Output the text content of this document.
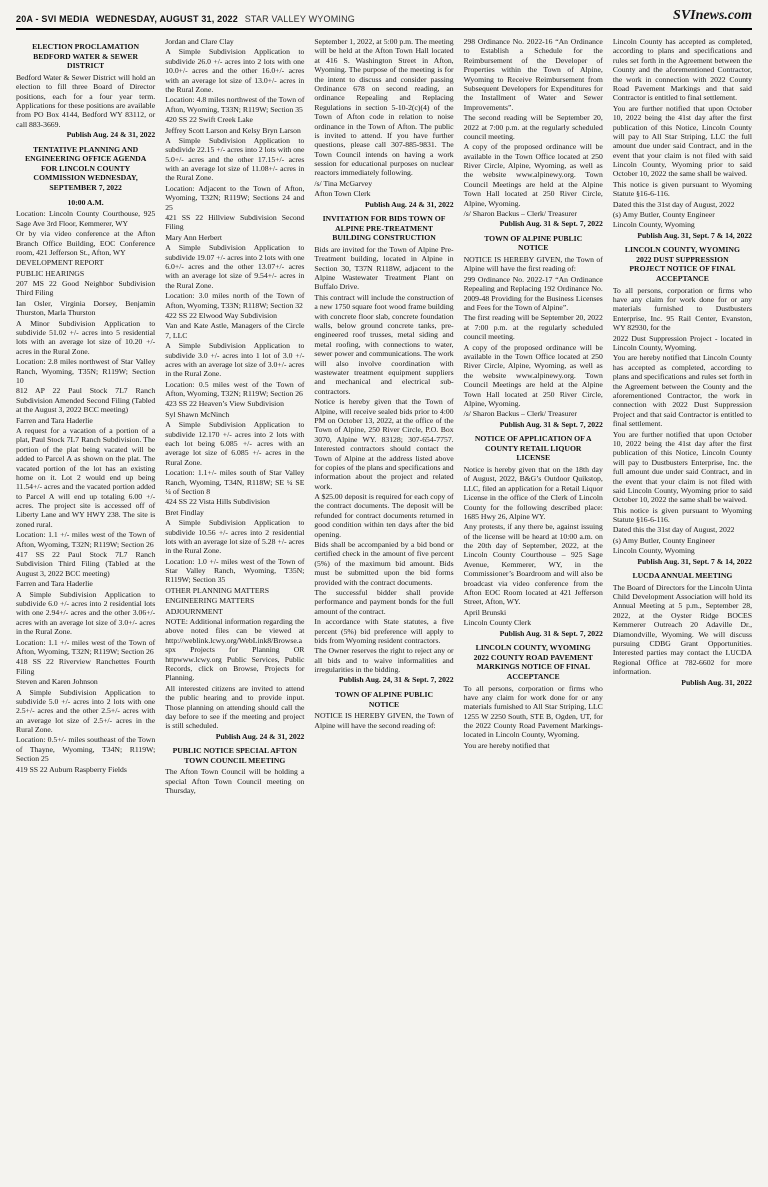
20A - SVI MEDIA WEDNESDAY, AUGUST 31, 2022 STAR VALLEY WYOMING	SVInews.com
ELECTION PROCLAMATION BEDFORD WATER & SEWER DISTRICT
Bedford Water & Sewer District will hold an election to fill three Board of Director positions, each for a four year term. Applications for these positions are available from PO Box 4144, Bedford WY 83112, or call 883-3669.
Publish Aug. 24 & 31, 2022
TENTATIVE PLANNING AND ENGINEERING OFFICE AGENDA FOR LINCOLN COUNTY COMMISSION WEDNESDAY, SEPTEMBER 7, 2022
10:00 A.M.
Location: Lincoln County Courthouse, 925 Sage Ave 3rd Floor, Kemmerer, WY
Or by via video conference at the Afton Branch Office Building, EOC Conference room, 421 Jefferson St., Afton, WY
DEVELOPMENT REPORT
PUBLIC HEARINGS
207 MS 22 Good Neighbor Subdivision Third Filing
Ian Osler, Virginia Dorsey, Benjamin Thurston, Marla Thurston
A Minor Subdivision Application to subdivide 51.02 +/- acres into 5 residential lots with an average lot size of 10.20 +/- acres in the Rural Zone.
Location: 2.8 miles northwest of Star Valley Ranch, Wyoming, T35N; R119W; Section 10
812 AP 22 Paul Stock 7L7 Ranch Subdivision Amended Second Filing (Tabled at the August 3, 2022 BCC meeting)
Farren and Tara Haderlie
A request for a vacation of a portion of a plat, Paul Stock 7L7 Ranch Subdivision. The portion of the plat being vacated will be added to Parcel A as shown on the plat. The vacated portion of the lot has an existing home on it. Lot 2 would end up being 11.54+/- acres and the vacated portion added to Parcel A will end up totaling 6.00 +/- acres. The project site is accessed off of Liberty Lane and WY HWY 238. The site is zoned rural.
Location: 1.1 +/- miles west of the Town of Afton, Wyoming, T32N; R119W; Section 26
417 SS 22 Paul Stock 7L7 Ranch Subdivision Third Filing (Tabled at the August 3, 2022 BCC meeting)
Farren and Tara Haderlie
A Simple Subdivision Application to subdivide 6.0 +/- acres into 2 residential lots with one 2.94+/- acres and the other 3.06+/- acres with an average lot size of 3.0+/- acres in the Rural Zone.
Location: 1.1 +/- miles west of the Town of Afton, Wyoming, T32N; R119W; Section 26
418 SS 22 Riverview Ranchettes Fourth Filing
Steven and Karen Johnson
A Simple Subdivision Application to subdivide 5.0 +/- acres into 2 lots with one 2.5+/- acres and the other 2.5+/- acres with an average lot size of 2.5+/- acres in the Rural Zone.
Location: 0.5+/- miles southeast of the Town of Thayne, Wyoming, T34N; R119W; Section 25
419 SS 22 Auburn Raspberry Fields
Jordan and Clare Clay
A Simple Subdivision Application to subdivide 26.0 +/- acres into 2 lots with one 10.0+/- acres and the other 16.0+/- acres with an average lot size of 13.0+/- acres in the Rural Zone.
Location: 4.8 miles northwest of the Town of Afton, Wyoming, T33N; R119W; Section 35
420 SS 22 Swift Creek Lake
Jeffrey Scott Larson and Kelsy Bryn Larson
A Simple Subdivision Application to subdivide 22.15 +/- acres into 2 lots with one 5.0+/- acres and the other 17.15+/- acres with an average lot size of 11.08+/- acres in the Rural Zone.
Location: Adjacent to the Town of Afton, Wyoming, T32N; R119W; Sections 24 and 25
421 SS 22 Hillview Subdivision Second Filing
Mary Ann Herbert
A Simple Subdivision Application to subdivide 19.07 +/- acres into 2 lots with one 6.0+/- acres and the other 13.07+/- acres with an average lot size of 9.54+/- acres in the Rural Zone.
Location: 3.0 miles north of the Town of Afton, Wyoming, T33N; R118W; Section 32
422 SS 22 Elwood Way Subdivision
Van and Kate Astle, Managers of the Circle 7, LLC
A Simple Subdivision Application to subdivide 3.0 +/- acres into 1 lot of 3.0 +/- acres with an average lot size of 3.0+/- acres in the Rural Zone.
Location: 0.5 miles west of the Town of Afton, Wyoming, T32N; R119W; Section 26
423 SS 22 Heaven’s View Subdivision
Syl Shawn McNinch
A Simple Subdivision Application to subdivide 12.170 +/- acres into 2 lots with each lot being 6.085 +/- acres with an average lot size of 6.085 +/- acres in the Rural Zone.
Location: 1.1+/- miles south of Star Valley Ranch, Wyoming, T34N, R118W; SE ¼ SE ¼ of Section 8
424 SS 22 Vista Hills Subdivision
Bret Findlay
A Simple Subdivision Application to subdivide 10.56 +/- acres into 2 residential lots with an average lot size of 5.28 +/- acres in the Rural Zone.
Location: 1.0 +/- miles west of the Town of Star Valley Ranch, Wyoming, T35N; R119W; Section 35
OTHER PLANNING MATTERS
ENGINEERING MATTERS
ADJOURNMENT
NOTE: Additional information regarding the above noted files can be viewed at http://weblink.lcwy.org/WebLink8/Browse.aspx Projects for Planning OR httpwww.lcwy.org Public Services, Public Records, click on Browse, Projects for Planning.
All interested citizens are invited to attend the public hearing and to provide input. Those planning on attending should call the day before to see if the meeting and project is still scheduled.
Publish Aug. 24 & 31, 2022
PUBLIC NOTICE SPECIAL AFTON TOWN COUNCIL MEETING
The Afton Town Council will be holding a special Afton Town Council meeting on Thursday,
September 1, 2022, at 5:00 p.m. The meeting will be held at the Afton Town Hall located at 416 S. Washington Street in Afton, Wyoming. The purpose of the meeting is for the intent to discuss and consider passing Ordinance 678 on second reading, an ordinance Repealing and Replacing Regulations in section 5-10-2(c)(4) of the Town of Afton code in relation to noise ordinance in the Town of Afton. The public is invited to attend. If you have further questions, please call 307-885-9831. The Town Council intends on having a work session for educational purposes on nuclear reactors immediately following.
/s/ Tina McGarvey
Afton Town Clerk
Publish Aug. 24 & 31, 2022
INVITATION FOR BIDS TOWN OF ALPINE PRE-TREATMENT BUILDING CONSTRUCTION
Bids are invited for the Town of Alpine Pre-Treatment building, located in Alpine in Section 30, T37N R118W, adjacent to the Alpine Wastewater Treatment Plant on Buffalo Drive.
This contract will include the construction of a new 1750 square foot wood frame building with concrete floor slab, concrete foundation walls, below ground concrete tanks, pre-engineered roof trusses, metal siding and metal roofing, with connections to water, sewer power and communications. The work will also involve coordination with wastewater treatment equipment suppliers and mechanical and electrical sub-contractors.
Notice is hereby given that the Town of Alpine, will receive sealed bids prior to 4:00 PM on October 13, 2022, at the office of the Town of Alpine, 250 River Circle, P.O. Box 3070, Alpine WY. 83128; 307-654-7757. Interested contractors should contact the Town of Alpine at the address listed above for copies of the plans and specifications and information about the project and related work.
A $25.00 deposit is required for each copy of the contract documents. The deposit will be refunded for contract documents returned in good condition within ten days after the bid opening.
Bids shall be accompanied by a bid bond or certified check in the amount of five percent (5%) of the maximum bid amount. Bids must be submitted upon the bid forms provided with the contract documents.
The successful bidder shall provide performance and payment bonds for the full amount of the contract.
In accordance with State statutes, a five percent (5%) bid preference will apply to bids from Wyoming resident contractors.
The Owner reserves the right to reject any or all bids and to waive informalities and irregularities in the bidding.
Publish Aug. 24, 31 & Sept. 7, 2022
TOWN OF ALPINE PUBLIC NOTICE
NOTICE IS HEREBY GIVEN, the Town of Alpine will have the second reading of:
298 Ordinance No. 2022-16 “An Ordinance to Establish a Schedule for the Reimbursement of the Developer of Properties within the Town of Alpine, Wyoming to Receive Reimbursement from Subsequent Developers for Expenditures for the Installment of Water and Sewer Improvements”.
The second reading will be September 20, 2022 at 7:00 p.m. at the regularly scheduled council meeting.
A copy of the proposed ordinance will be available in the Town Office located at 250 River Circle, Alpine, Wyoming, as well as the website www.alpinewy.org. Town Council Meetings are held at the Alpine Town Hall located at 250 River Circle, Alpine, Wyoming.
/s/ Sharon Backus – Clerk/ Treasurer
Publish Aug. 31 & Sept. 7, 2022
TOWN OF ALPINE PUBLIC NOTICE
NOTICE IS HEREBY GIVEN, the Town of Alpine will have the first reading of:
299 Ordinance No. 2022-17 “An Ordinance Repealing and Replacing 192 Ordinance No. 2009-48 Providing for the Business Licenses and Fees for the Town of Alpine”.
The first reading will be September 20, 2022 at 7:00 p.m. at the regularly scheduled council meeting.
A copy of the proposed ordinance will be available in the Town Office located at 250 River Circle, Alpine, Wyoming, as well as the website www.alpinewy.org. Town Council Meetings are held at the Alpine Town Hall located at 250 River Circle, Alpine, Wyoming.
/s/ Sharon Backus – Clerk/ Treasurer
Publish Aug. 31 & Sept. 7, 2022
NOTICE OF APPLICATION OF A COUNTY RETAIL LIQUOR LICENSE
Notice is hereby given that on the 18th day of August, 2022, B&G’s Outdoor Quikstop, LLC, filed an application for a Retail Liquor License in the office of the Clerk of Lincoln County for the following described place: 1685 Hwy 26, Alpine WY.
Any protests, if any there be, against issuing of the license will be heard at 10:00 a.m. on the 20th day of September, 2022, at the Lincoln County Courthouse – 925 Sage Avenue, Kemmerer, WY, in the Commissioner’s Boardroom and will also be broadcast via video conference from the Afton EOC Room located at 421 Jefferson Street, Afton, WY.
April Brunski
Lincoln County Clerk
Publish Aug. 31 & Sept. 7, 2022
LINCOLN COUNTY, WYOMING 2022 COUNTY ROAD PAVEMENT MARKINGS NOTICE OF FINAL ACCEPTANCE
To all persons, corporation or firms who have any claim for work done for or any materials furnished to All Star Striping, LLC 1255 W 2250 South, STE B, Ogden, UT, for the 2022 County Road Pavement Markings- located in Lincoln County, Wyoming.
You are hereby notified that
Lincoln County has accepted as completed, according to plans and specifications and rules set forth in the Agreement between the County and the aforementioned Contractor, the work in connection with 2022 County Road Pavement Markings and that said Contractor is entitled to final settlement.
You are further notified that upon October 10, 2022 being the 41st day after the first publication of this Notice, Lincoln County will pay to All Star Striping, LLC the full amount due under said Contract, and in the event that your claim is not filed with said Lincoln County, Wyoming prior to said October 10, 2022 the same shall be waived.
This notice is given pursuant to Wyoming Statute §16-6-116.
Dated this the 31st day of August, 2022
(s) Amy Butler, County Engineer
Lincoln County, Wyoming
Publish Aug. 31, Sept. 7 & 14, 2022
LINCOLN COUNTY, WYOMING 2022 DUST SUPPRESSION PROJECT NOTICE OF FINAL ACCEPTANCE
To all persons, corporation or firms who have any claim for work done for or any materials furnished to Dustbusters Enterprise, Inc. 95 Rail Center, Evanston, WY 82930, for the
2022 Dust Suppression Project - located in Lincoln County, Wyoming.
You are hereby notified that Lincoln County has accepted as completed, according to plans and specifications and rules set forth in the Agreement between the County and the aforementioned Contractor, the work in connection with 2022 Dust Suppression Project and that said Contractor is entitled to final settlement.
You are further notified that upon October 10, 2022 being the 41st day after the first publication of this Notice, Lincoln County will pay to Dustbusters Enterprise, Inc. the full amount due under said Contract, and in the event that your claim is not filed with said Lincoln County, Wyoming prior to said October 10, 2022 the same shall be waived.
This notice is given pursuant to Wyoming Statute §16-6-116.
Dated this the 31st day of August, 2022
(s) Amy Butler, County Engineer
Lincoln County, Wyoming
Publish Aug. 31, Sept. 7 & 14, 2022
LUCDA ANNUAL MEETING
The Board of Directors for the Lincoln Uinta Child Development Association will hold its Annual Meeting at 5 p.m., September 28, 2022, at the Oyster Ridge BOCES Kemmerer Outreach 20 Adaville Dr., Diamondville, Wyoming. We will discuss pursuing CDBG Grant Opportunities. Interested parties may contact the LUCDA Regional Office at 782-6602 for more information.
Publish Aug. 31, 2022
